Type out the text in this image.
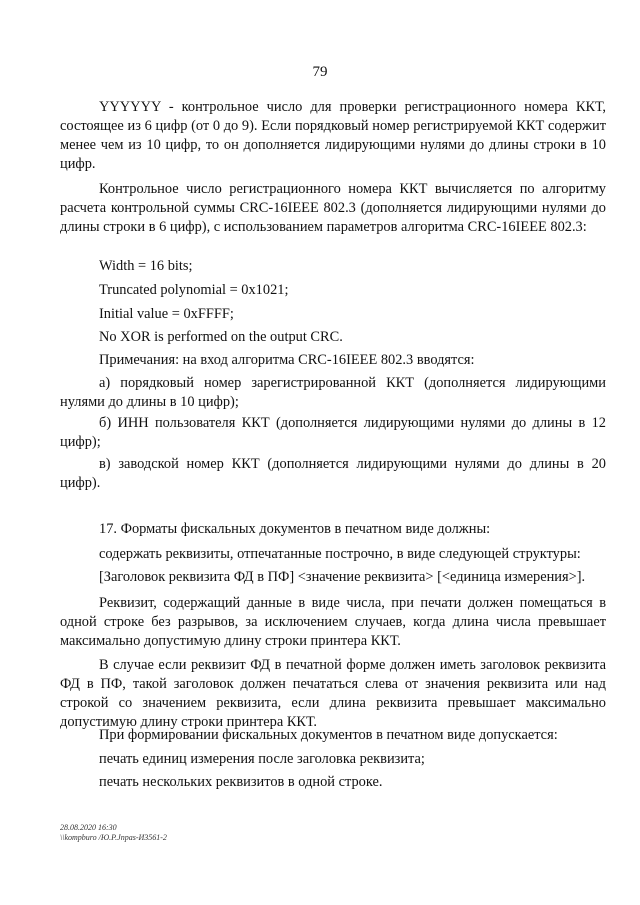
79

YYYYYY - контрольное число для проверки регистрационного номера ККТ, состоящее из 6 цифр (от 0 до 9). Если порядковый номер регистрируемой ККТ содержит менее чем из 10 цифр, то он дополняется лидирующими нулями до длины строки в 10 цифр.

Контрольное число регистрационного номера ККТ вычисляется по алгоритму расчета контрольной суммы CRC-16IEEE 802.3 (дополняется лидирующими нулями до длины строки в 6 цифр), с использованием параметров алгоритма CRC-16IEEE 802.3:

Width = 16 bits;

Truncated polynomial = 0x1021;

Initial value = 0xFFFF;

No XOR is performed on the output CRC.

Примечания: на вход алгоритма CRC-16IEEE 802.3 вводятся:

а) порядковый номер зарегистрированной ККТ (дополняется лидирующими нулями до длины в 10 цифр);

б) ИНН пользователя ККТ (дополняется лидирующими нулями до длины в 12 цифр);

в) заводской номер ККТ (дополняется лидирующими нулями до длины в 20 цифр).

17. Форматы фискальных документов в печатном виде должны:

содержать реквизиты, отпечатанные построчно, в виде следующей структуры:

[Заголовок реквизита ФД в ПФ] <значение реквизита> [<единица измерения>].

Реквизит, содержащий данные в виде числа, при печати должен помещаться в одной строке без разрывов, за исключением случаев, когда длина числа превышает максимально допустимую длину строки принтера ККТ.

В случае если реквизит ФД в печатной форме должен иметь заголовок реквизита ФД в ПФ, такой заголовок должен печататься слева от значения реквизита или над строкой со значением реквизита, если длина реквизита превышает максимально допустимую длину строки принтера ККТ.

При формировании фискальных документов в печатном виде допускается:

печать единиц измерения после заголовка реквизита;

печать нескольких реквизитов в одной строке.

28.08.2020 16:30
\\kompburo /Ю.Р.Jnpas-И3561-2
